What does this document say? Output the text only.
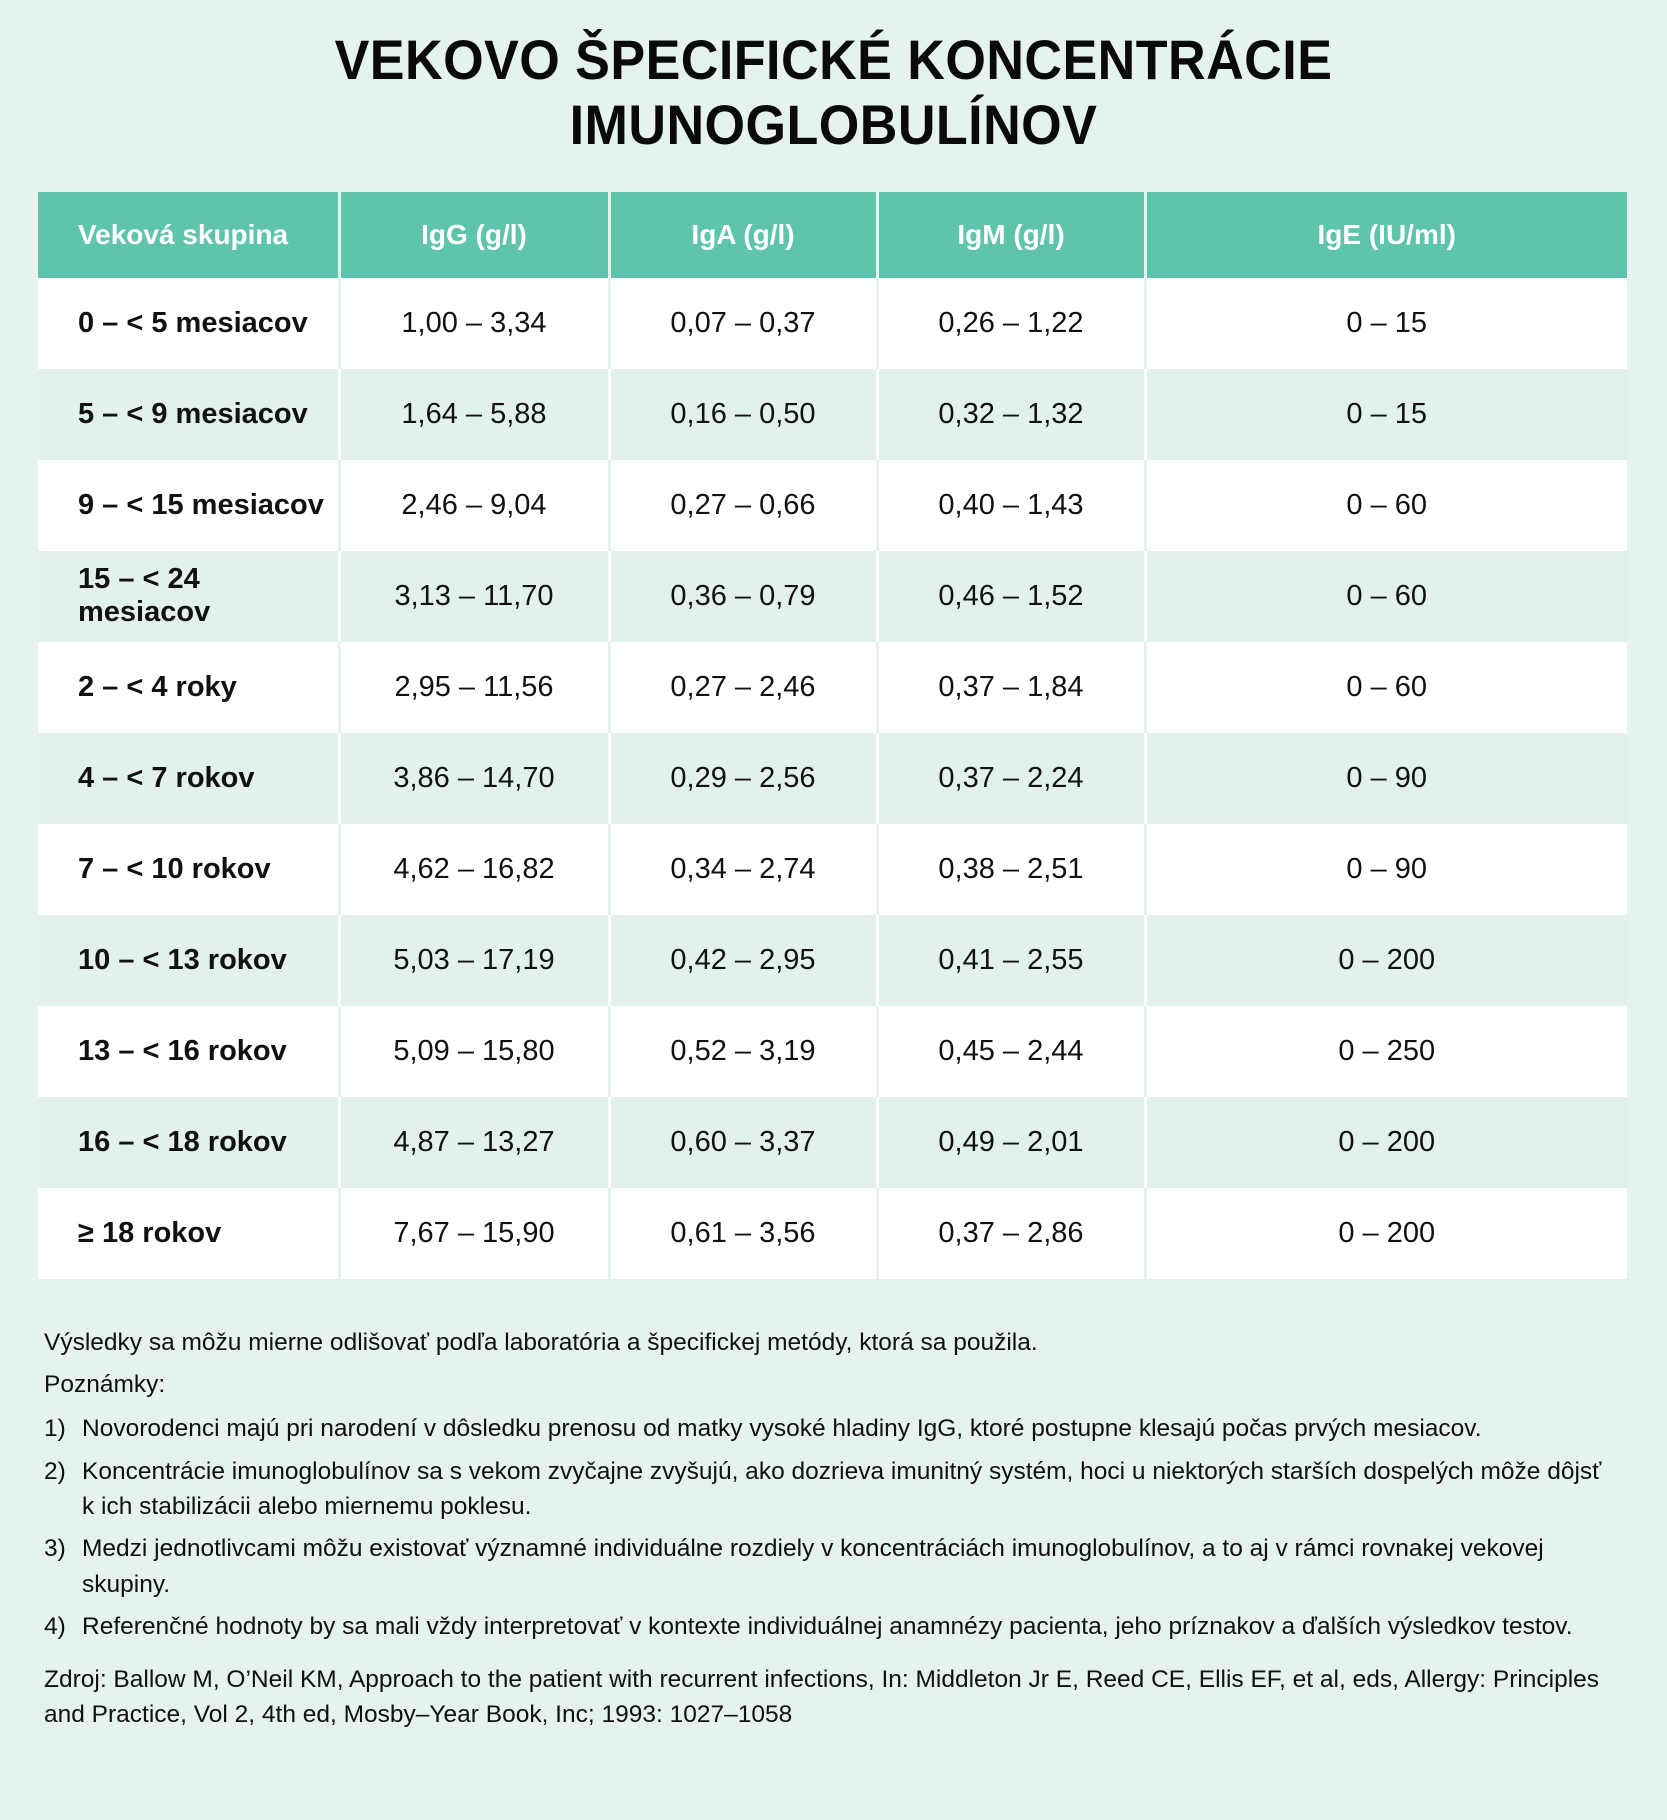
VEKOVO ŠPECIFICKÉ KONCENTRÁCIE
IMUNOGLOBULÍNOV
Veková skupina	IgG (g/l)	IgA (g/l)	IgM (g/l)	IgE (IU/ml)
0 – < 5 mesiacov	1,00 – 3,34	0,07 – 0,37	0,26 – 1,22	0 – 15
5 – < 9 mesiacov	1,64 – 5,88	0,16 – 0,50	0,32 – 1,32	0 – 15
9 – < 15 mesiacov	2,46 – 9,04	0,27 – 0,66	0,40 – 1,43	0 – 60
15 – < 24 mesiacov	3,13 – 11,70	0,36 – 0,79	0,46 – 1,52	0 – 60
2 – < 4 roky	2,95 – 11,56	0,27 – 2,46	0,37 – 1,84	0 – 60
4 – < 7 rokov	3,86 – 14,70	0,29 – 2,56	0,37 – 2,24	0 – 90
7 – < 10 rokov	4,62 – 16,82	0,34 – 2,74	0,38 – 2,51	0 – 90
10 – < 13 rokov	5,03 – 17,19	0,42 – 2,95	0,41 – 2,55	0 – 200
13 – < 16 rokov	5,09 – 15,80	0,52 – 3,19	0,45 – 2,44	0 – 250
16 – < 18 rokov	4,87 – 13,27	0,60 – 3,37	0,49 – 2,01	0 – 200
≥ 18 rokov	7,67 – 15,90	0,61 – 3,56	0,37 – 2,86	0 – 200

Výsledky sa môžu mierne odlišovať podľa laboratória a špecifickej metódy, ktorá sa použila.

Poznámky:

1) Novorodenci majú pri narodení v dôsledku prenosu od matky vysoké hladiny IgG, ktoré postupne klesajú počas prvých mesiacov.
2) Koncentrácie imunoglobulínov sa s vekom zvyčajne zvyšujú, ako dozrieva imunitný systém, hoci u niektorých starších dospelých môže dôjsť k ich stabilizácii alebo miernemu poklesu.
3) Medzi jednotlivcami môžu existovať významné individuálne rozdiely v koncentráciách imunoglobulínov, a to aj v rámci rovnakej vekovej skupiny.
4) Referenčné hodnoty by sa mali vždy interpretovať v kontexte individuálnej anamnézy pacienta, jeho príznakov a ďalších výsledkov testov.

Zdroj: Ballow M, O’Neil KM, Approach to the patient with recurrent infections, In: Middleton Jr E, Reed CE, Ellis EF, et al, eds, Allergy: Principles and Practice, Vol 2, 4th ed, Mosby–Year Book, Inc; 1993: 1027–1058
